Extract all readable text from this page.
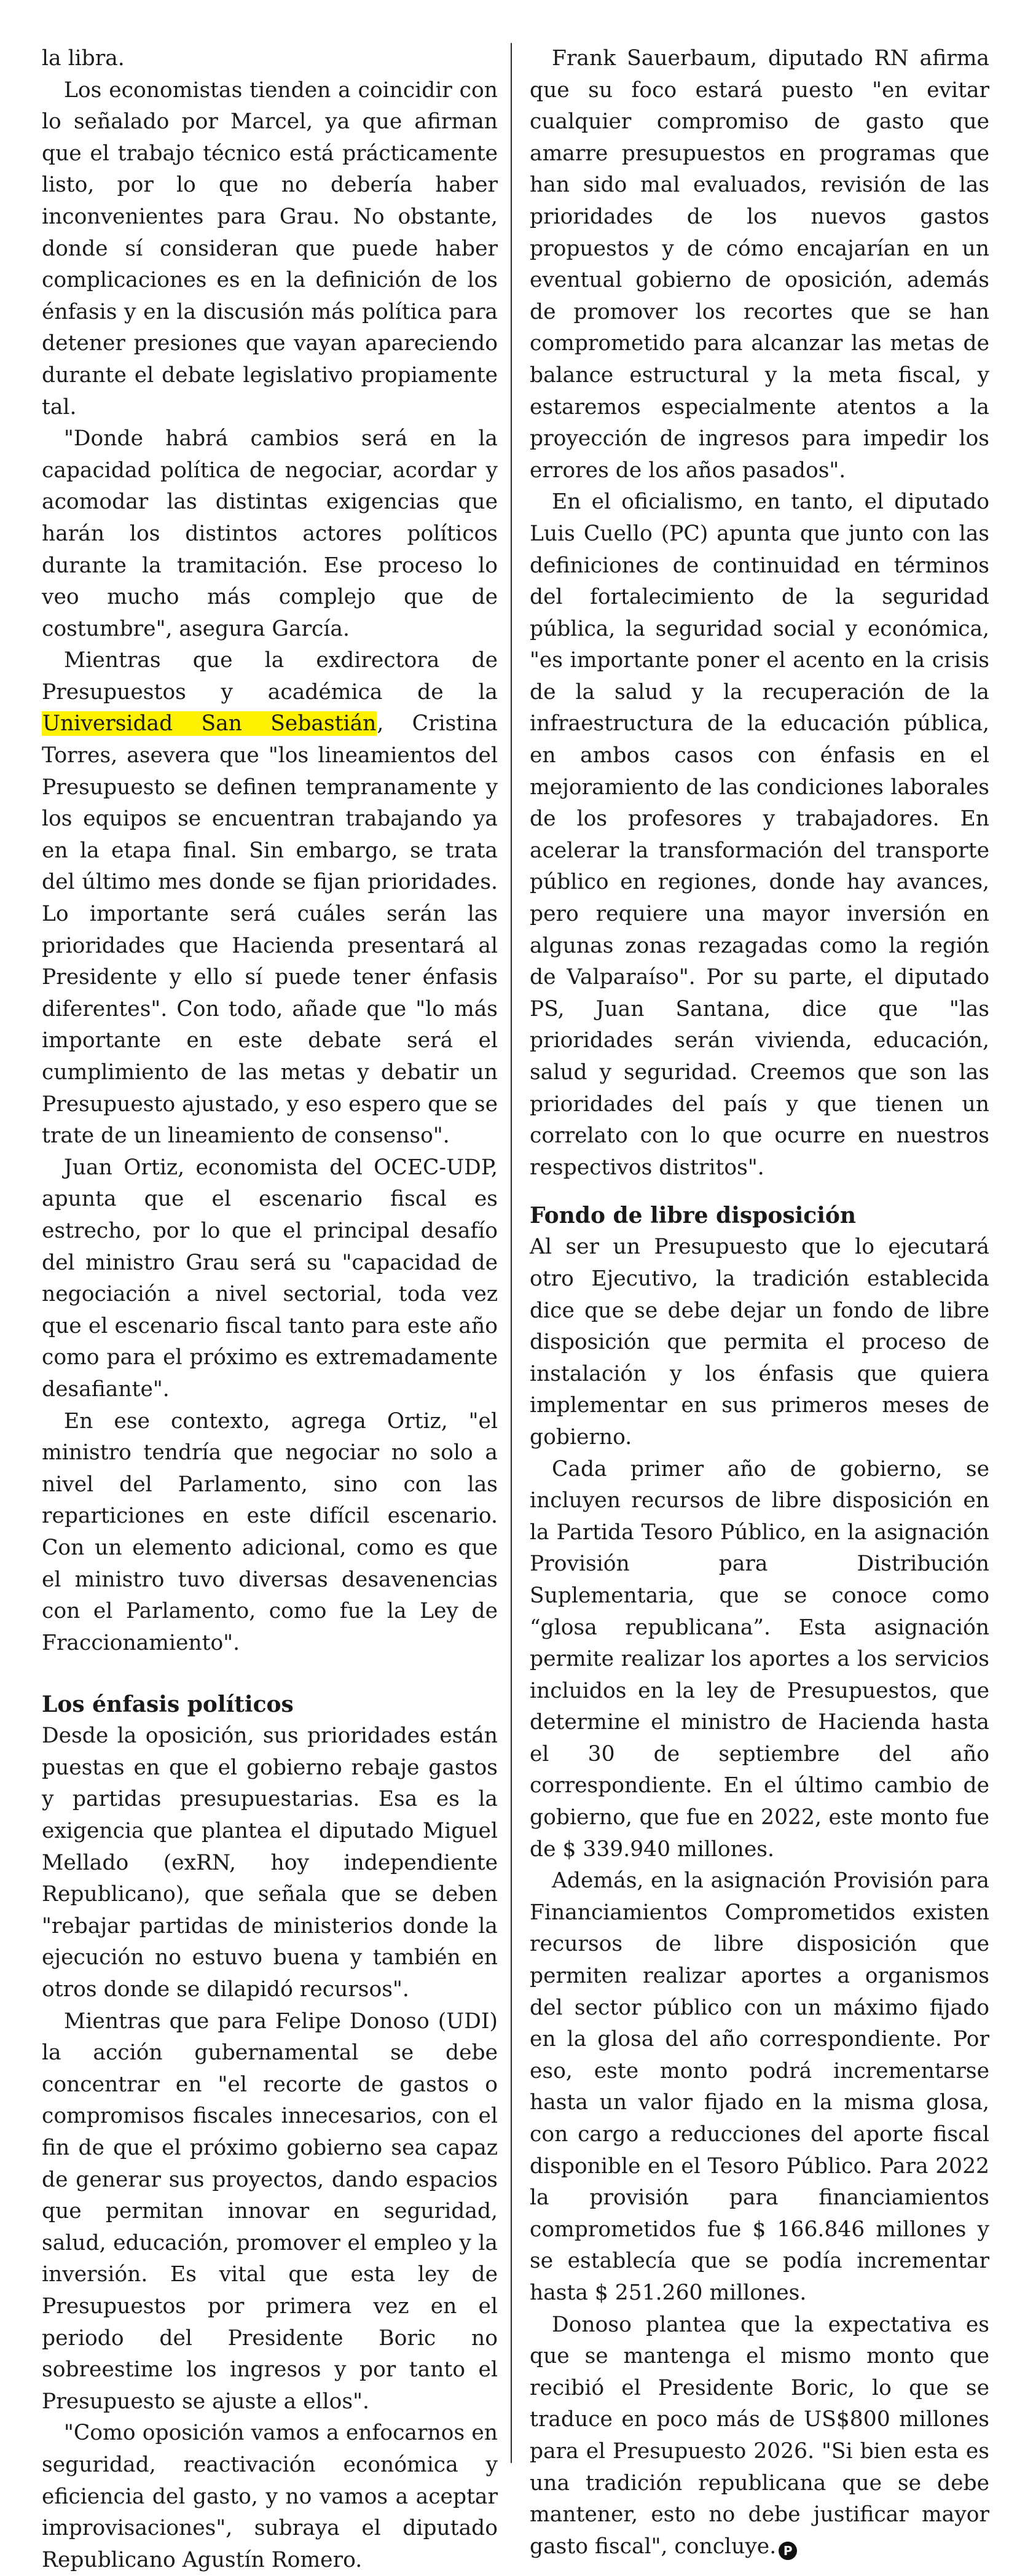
la libra.

Los economistas tienden a coincidir con lo señalado por Marcel, ya que afirman que el trabajo técnico está prácticamente listo, por lo que no debería haber inconvenientes para Grau. No obstante, donde sí consideran que puede haber complicaciones es en la definición de los énfasis y en la discusión más política para detener presiones que vayan apareciendo durante el debate legislativo propiamente tal.

"Donde habrá cambios será en la capacidad política de negociar, acordar y acomodar las distintas exigencias que harán los distintos actores políticos durante la tramitación. Ese proceso lo veo mucho más complejo que de costumbre", asegura García.

Mientras que la exdirectora de Presupuestos y académica de la Universidad San Sebastián, Cristina Torres, asevera que "los lineamientos del Presupuesto se definen tempranamente y los equipos se encuentran trabajando ya en la etapa final. Sin embargo, se trata del último mes donde se fijan prioridades. Lo importante será cuáles serán las prioridades que Hacienda presentará al Presidente y ello sí puede tener énfasis diferentes". Con todo, añade que "lo más importante en este debate será el cumplimiento de las metas y debatir un Presupuesto ajustado, y eso espero que se trate de un lineamiento de consenso".

Juan Ortiz, economista del OCEC-UDP, apunta que el escenario fiscal es estrecho, por lo que el principal desafío del ministro Grau será su "capacidad de negociación a nivel sectorial, toda vez que el escenario fiscal tanto para este año como para el próximo es extremadamente desafiante".

En ese contexto, agrega Ortiz, "el ministro tendría que negociar no solo a nivel del Parlamento, sino con las reparticiones en este difícil escenario. Con un elemento adicional, como es que el ministro tuvo diversas desavenencias con el Parlamento, como fue la Ley de Fraccionamiento".

Los énfasis políticos

Desde la oposición, sus prioridades están puestas en que el gobierno rebaje gastos y partidas presupuestarias. Esa es la exigencia que plantea el diputado Miguel Mellado (exRN, hoy independiente Republicano), que señala que se deben "rebajar partidas de ministerios donde la ejecución no estuvo buena y también en otros donde se dilapidó recursos".

Mientras que para Felipe Donoso (UDI) la acción gubernamental se debe concentrar en "el recorte de gastos o compromisos fiscales innecesarios, con el fin de que el próximo gobierno sea capaz de generar sus proyectos, dando espacios que permitan innovar en seguridad, salud, educación, promover el empleo y la inversión. Es vital que esta ley de Presupuestos por primera vez en el periodo del Presidente Boric no sobreestime los ingresos y por tanto el Presupuesto se ajuste a ellos".

"Como oposición vamos a enfocarnos en seguridad, reactivación económica y eficiencia del gasto, y no vamos a aceptar improvisaciones", subraya el diputado Republicano Agustín Romero.

Frank Sauerbaum, diputado RN afirma que su foco estará puesto "en evitar cualquier compromiso de gasto que amarre presupuestos en programas que han sido mal evaluados, revisión de las prioridades de los nuevos gastos propuestos y de cómo encajarían en un eventual gobierno de oposición, además de promover los recortes que se han comprometido para alcanzar las metas de balance estructural y la meta fiscal, y estaremos especialmente atentos a la proyección de ingresos para impedir los errores de los años pasados".

En el oficialismo, en tanto, el diputado Luis Cuello (PC) apunta que junto con las definiciones de continuidad en términos del fortalecimiento de la seguridad pública, la seguridad social y económica, "es importante poner el acento en la crisis de la salud y la recuperación de la infraestructura de la educación pública, en ambos casos con énfasis en el mejoramiento de las condiciones laborales de los profesores y trabajadores. En acelerar la transformación del transporte público en regiones, donde hay avances, pero requiere una mayor inversión en algunas zonas rezagadas como la región de Valparaíso". Por su parte, el diputado PS, Juan Santana, dice que "las prioridades serán vivienda, educación, salud y seguridad. Creemos que son las prioridades del país y que tienen un correlato con lo que ocurre en nuestros respectivos distritos".

Fondo de libre disposición

Al ser un Presupuesto que lo ejecutará otro Ejecutivo, la tradición establecida dice que se debe dejar un fondo de libre disposición que permita el proceso de instalación y los énfasis que quiera implementar en sus primeros meses de gobierno.

Cada primer año de gobierno, se incluyen recursos de libre disposición en la Partida Tesoro Público, en la asignación Provisión para Distribución Suplementaria, que se conoce como “glosa republicana”. Esta asignación permite realizar los aportes a los servicios incluidos en la ley de Presupuestos, que determine el ministro de Hacienda hasta el 30 de septiembre del año correspondiente. En el último cambio de gobierno, que fue en 2022, este monto fue de $ 339.940 millones.

Además, en la asignación Provisión para Financiamientos Comprometidos existen recursos de libre disposición que permiten realizar aportes a organismos del sector público con un máximo fijado en la glosa del año correspondiente. Por eso, este monto podrá incrementarse hasta un valor fijado en la misma glosa, con cargo a reducciones del aporte fiscal disponible en el Tesoro Público. Para 2022 la provisión para financiamientos comprometidos fue $ 166.846 millones y se establecía que se podía incrementar hasta $ 251.260 millones.

Donoso plantea que la expectativa es que se mantenga el mismo monto que recibió el Presidente Boric, lo que se traduce en poco más de US$800 millones para el Presupuesto 2026. "Si bien esta es una tradición republicana que se debe mantener, esto no debe justificar mayor gasto fiscal", concluye. P
